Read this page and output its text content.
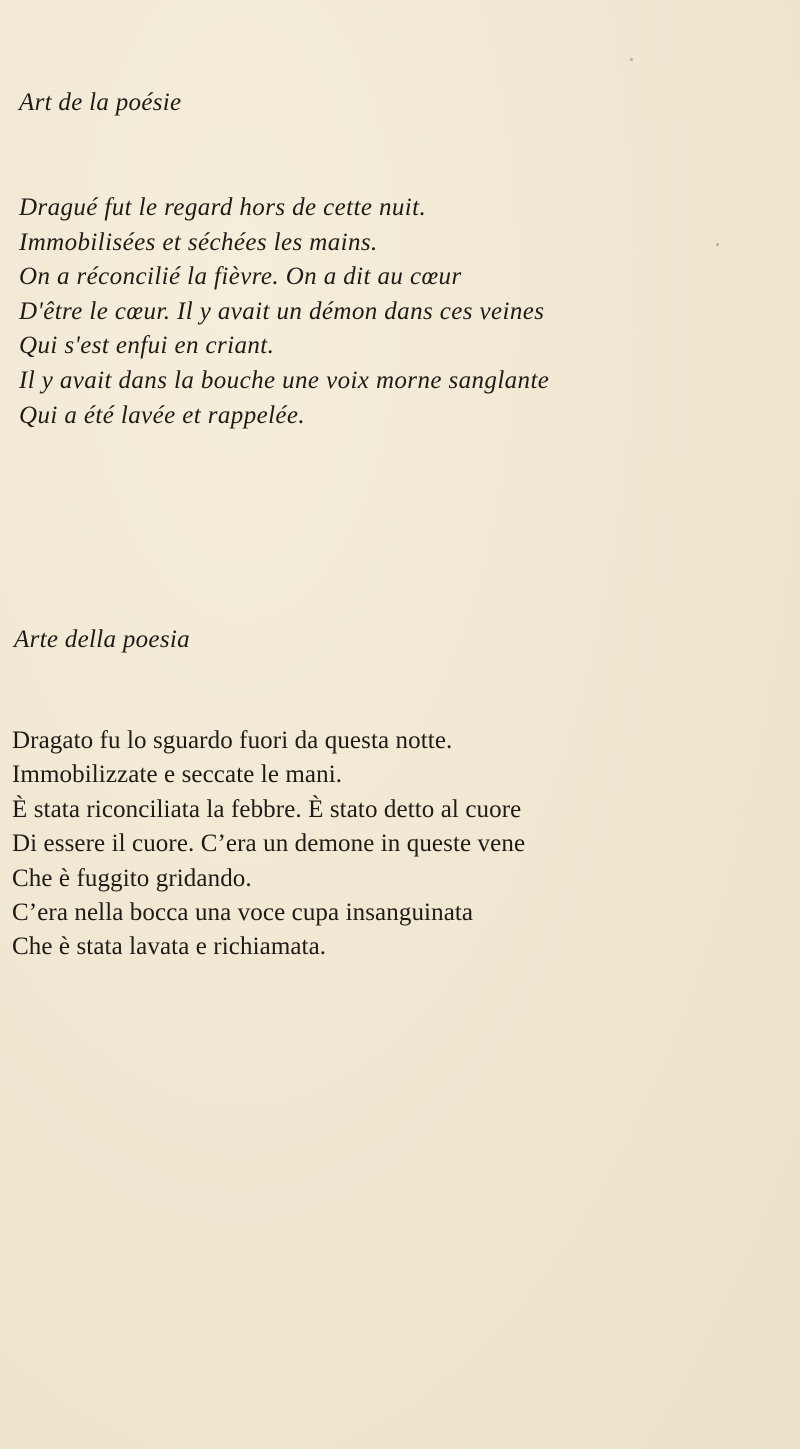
Art de la poésie
Dragué fut le regard hors de cette nuit.
Immobilisées et séchées les mains.
On a réconcilié la fièvre. On a dit au cœur
D'être le cœur. Il y avait un démon dans ces veines
Qui s'est enfui en criant.
Il y avait dans la bouche une voix morne sanglante
Qui a été lavée et rappelée.
Arte della poesia
Dragato fu lo sguardo fuori da questa notte.
Immobilizzate e seccate le mani.
È stata riconciliata la febbre. È stato detto al cuore
Di essere il cuore. C’era un demone in queste vene
Che è fuggito gridando.
C’era nella bocca una voce cupa insanguinata
Che è stata lavata e richiamata.
